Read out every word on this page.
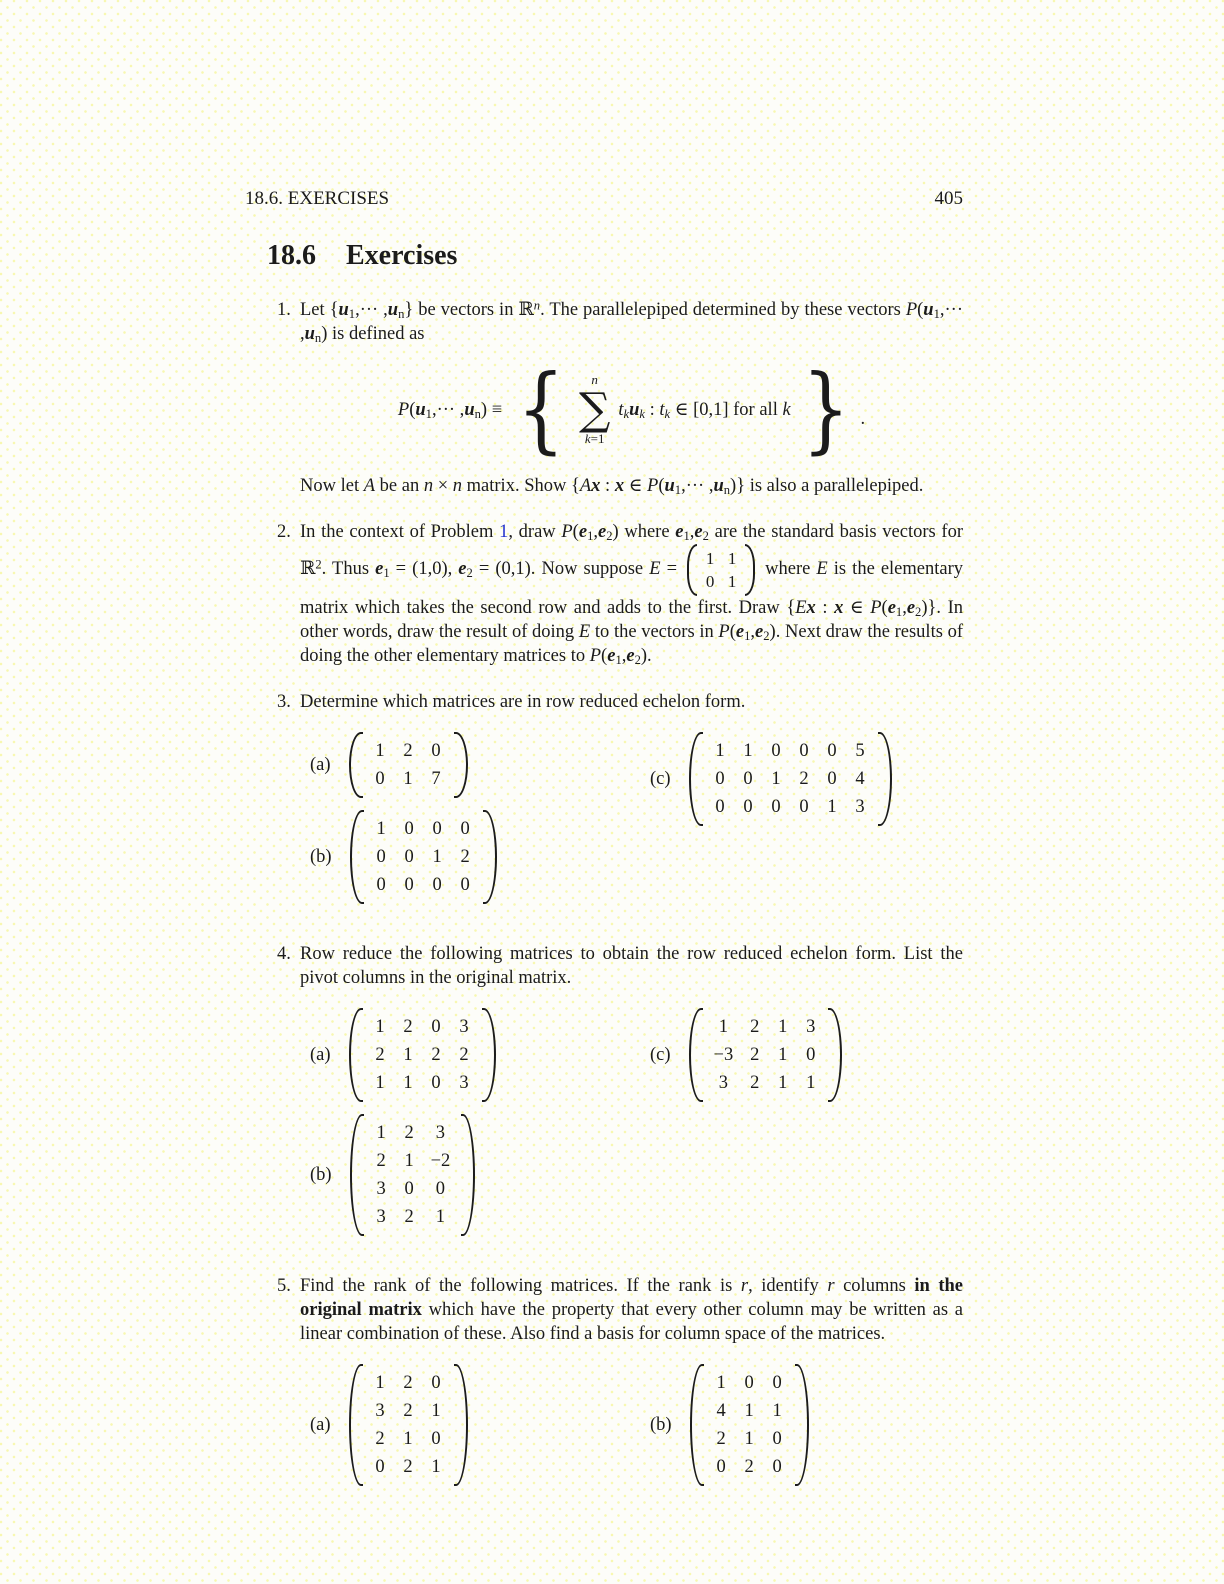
18.6. EXERCISES	405
18.6 Exercises
1. Let $\{u_1,\cdot\cdot\cdot ,u_n\}$ be vectors in ℝ$^n$. The parallelepiped determined by these vectors $P(u_1,\cdot\cdot\cdot ,u_n)$ is defined as

$P(u_1,\cdot\cdot\cdot ,u_n)$ ≡ { n
∑
k=1
$t_ku_k$ : $t_k$ ∈ [0,1] for all k } .

Now let A be an n × n matrix. Show {Ax : x ∈ $P(u_1,\cdot\cdot\cdot ,u_n)$} is also a parallelepiped.

2. In the context of Problem 1, draw $P(e_1,e_2)$ where $e_1,e_2$ are the standard basis vectors for ℝ$^2$. Thus $e_1 = (1,0)$, $e_2 = (0,1)$. Now suppose E =
1 1
0 1
where E is the elementary matrix which takes the second row and adds to the first. Draw {Ex : x ∈ $P(e_1,e_2)$}. In other words, draw the result of doing E to the vectors in $P(e_1,e_2)$. Next draw the results of doing the other elementary matrices to $P(e_1,e_2)$.

3. Determine which matrices are in row reduced echelon form.

(a)
1 2 0
0 1 7
(b)
1 0 0 0
0 0 1 2
0 0 0 0
(c)
1 1 0 0 0 5
0 0 1 2 0 4
0 0 0 0 1 3
4. Row reduce the following matrices to obtain the row reduced echelon form. List the pivot columns in the original matrix.

(a)
1 2 0 3
2 1 2 2
1 1 0 3
(b)
1 2 3
2 1 −2
3 0 0
3 2 1
(c)
1 2 1 3
−3 2 1 0
3 2 1 1
5. Find the rank of the following matrices. If the rank is r, identify r columns in the original matrix which have the property that every other column may be written as a linear combination of these. Also find a basis for column space of the matrices.

(a)
1 2 0
3 2 1
2 1 0
0 2 1
(b)
1 0 0
4 1 1
2 1 0
0 2 0
